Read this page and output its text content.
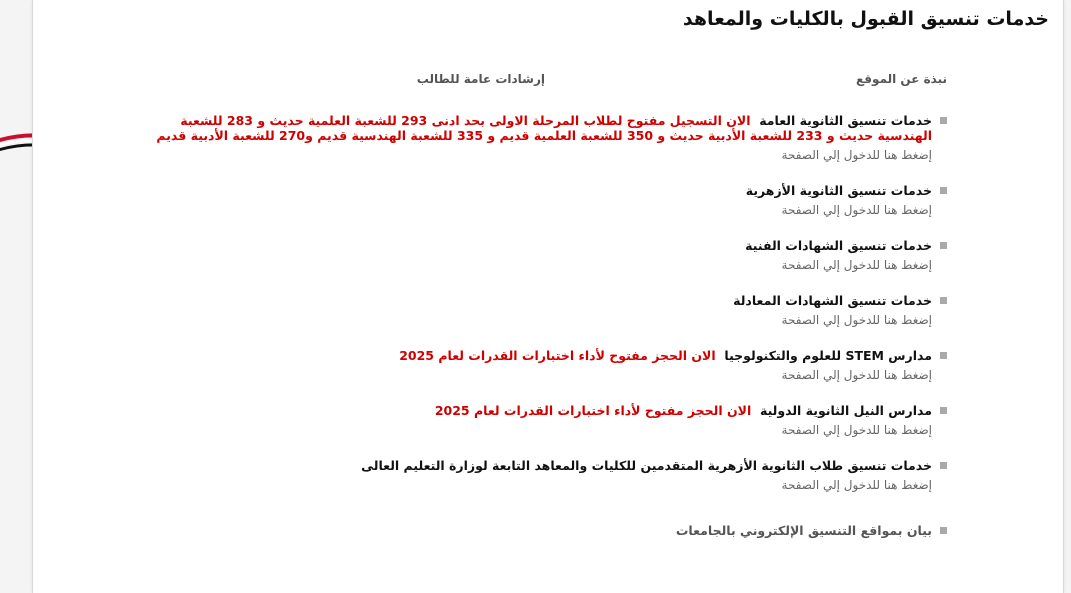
خدمات تنسيق القبول بالكليات والمعاهد
نبذة عن الموقع
إرشادات عامة للطالب
خدمات تنسيق الثانوية العامة  الان التسجيل مفتوح لطلاب المرحلة الاولى بحد ادنى 293 للشعبة العلمية حديث و 283 للشعبة الهندسية حديث و 233 للشعبة الأدبية حديث و 350 للشعبة العلمية قديم و 335 للشعبة الهندسية قديم و270 للشعبة الأدبية قديم
إضغط هنا للدخول إلي الصفحة
خدمات تنسيق الثانوية الأزهرية
إضغط هنا للدخول إلي الصفحة
خدمات تنسيق الشهادات الفنية
إضغط هنا للدخول إلي الصفحة
خدمات تنسيق الشهادات المعادلة
إضغط هنا للدخول إلي الصفحة
مدارس STEM للعلوم والتكنولوجيا  الان الحجز مفتوح لأداء اختبارات القدرات لعام 2025
إضغط هنا للدخول إلي الصفحة
مدارس النيل الثانوية الدولية  الان الحجز مفتوح لأداء اختبارات القدرات لعام 2025
إضغط هنا للدخول إلي الصفحة
خدمات تنسيق طلاب الثانوية الأزهرية المتقدمين للكليات والمعاهد التابعة لوزارة التعليم العالى
إضغط هنا للدخول إلي الصفحة
بيان بمواقع التنسيق الإلكتروني بالجامعات
